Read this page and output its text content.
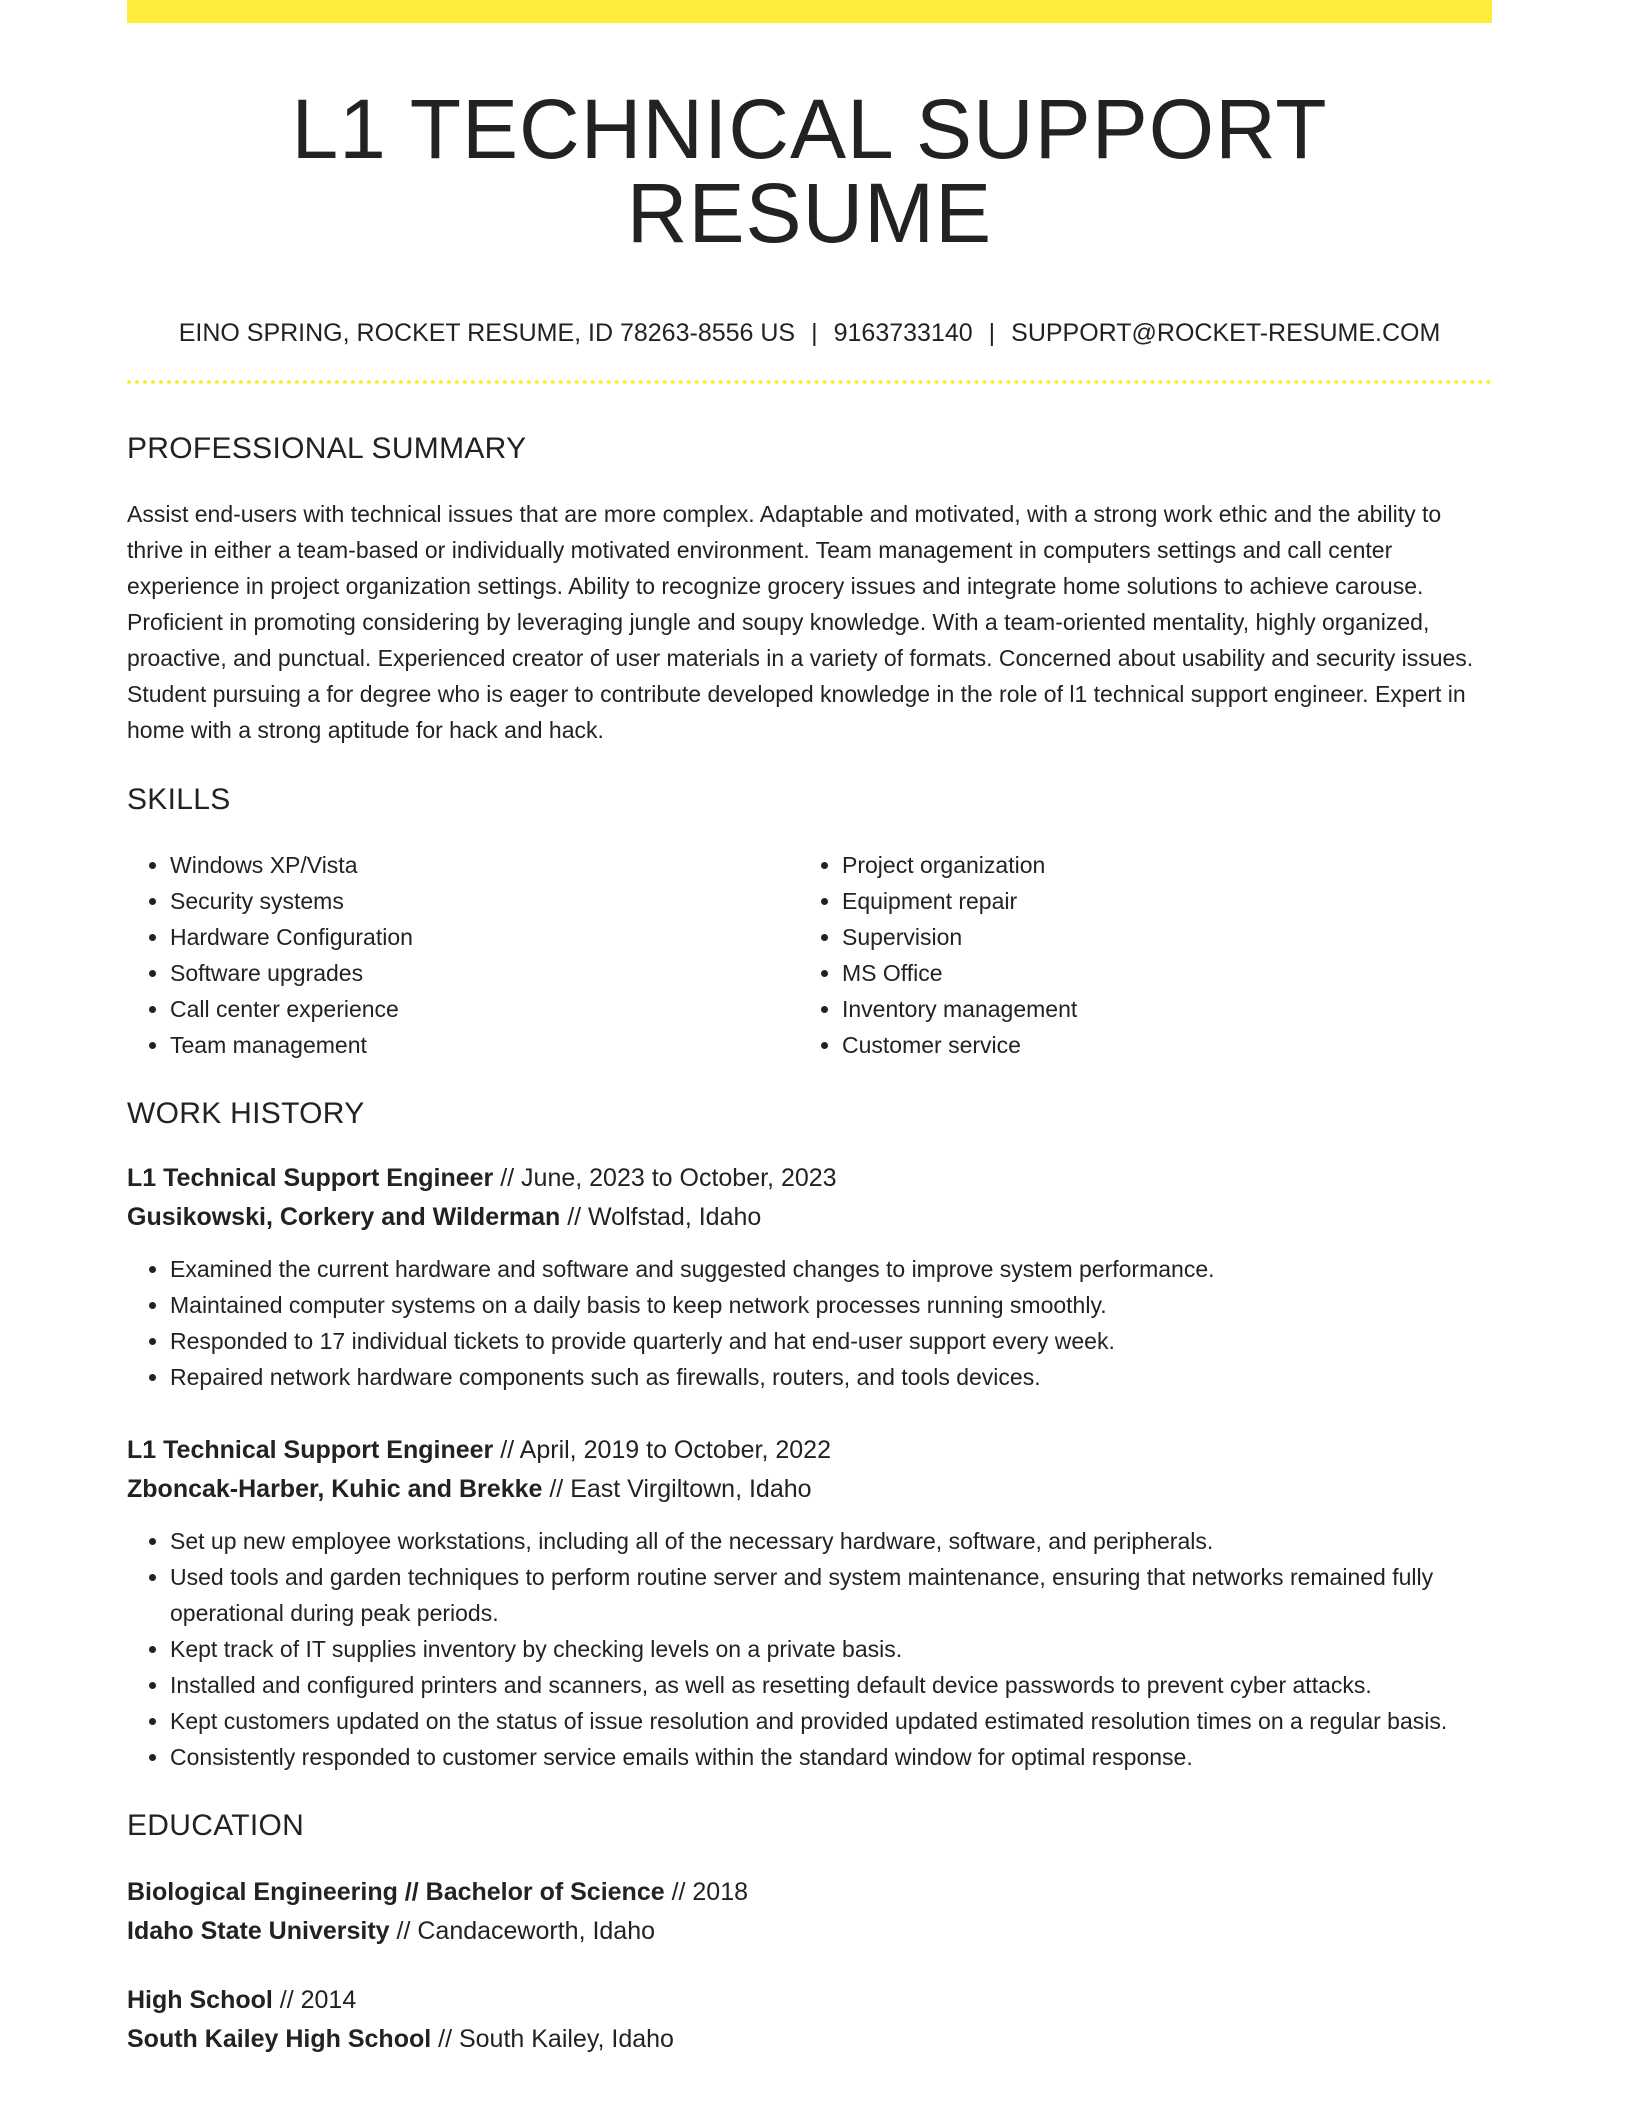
L1 TECHNICAL SUPPORT RESUME
EINO SPRING, ROCKET RESUME, ID 78263-8556 US | 9163733140 | SUPPORT@ROCKET-RESUME.COM
PROFESSIONAL SUMMARY

Assist end-users with technical issues that are more complex. Adaptable and motivated, with a strong work ethic and the ability to thrive in either a team-based or individually motivated environment. Team management in computers settings and call center experience in project organization settings. Ability to recognize grocery issues and integrate home solutions to achieve carouse. Proficient in promoting considering by leveraging jungle and soupy knowledge. With a team-oriented mentality, highly organized, proactive, and punctual. Experienced creator of user materials in a variety of formats. Concerned about usability and security issues. Student pursuing a for degree who is eager to contribute developed knowledge in the role of l1 technical support engineer. Expert in home with a strong aptitude for hack and hack.

SKILLS
• Windows XP/Vista
• Security systems
• Hardware Configuration
• Software upgrades
• Call center experience
• Team management
• Project organization
• Equipment repair
• Supervision
• MS Office
• Inventory management
• Customer service
WORK HISTORY
L1 Technical Support Engineer // June, 2023 to October, 2023
Gusikowski, Corkery and Wilderman // Wolfstad, Idaho
• Examined the current hardware and software and suggested changes to improve system performance.
• Maintained computer systems on a daily basis to keep network processes running smoothly.
• Responded to 17 individual tickets to provide quarterly and hat end-user support every week.
• Repaired network hardware components such as firewalls, routers, and tools devices.
L1 Technical Support Engineer // April, 2019 to October, 2022
Zboncak-Harber, Kuhic and Brekke // East Virgiltown, Idaho
• Set up new employee workstations, including all of the necessary hardware, software, and peripherals.
• Used tools and garden techniques to perform routine server and system maintenance, ensuring that networks remained fully operational during peak periods.
• Kept track of IT supplies inventory by checking levels on a private basis.
• Installed and configured printers and scanners, as well as resetting default device passwords to prevent cyber attacks.
• Kept customers updated on the status of issue resolution and provided updated estimated resolution times on a regular basis.
• Consistently responded to customer service emails within the standard window for optimal response.
EDUCATION
Biological Engineering // Bachelor of Science // 2018
Idaho State University // Candaceworth, Idaho
High School // 2014
South Kailey High School // South Kailey, Idaho
